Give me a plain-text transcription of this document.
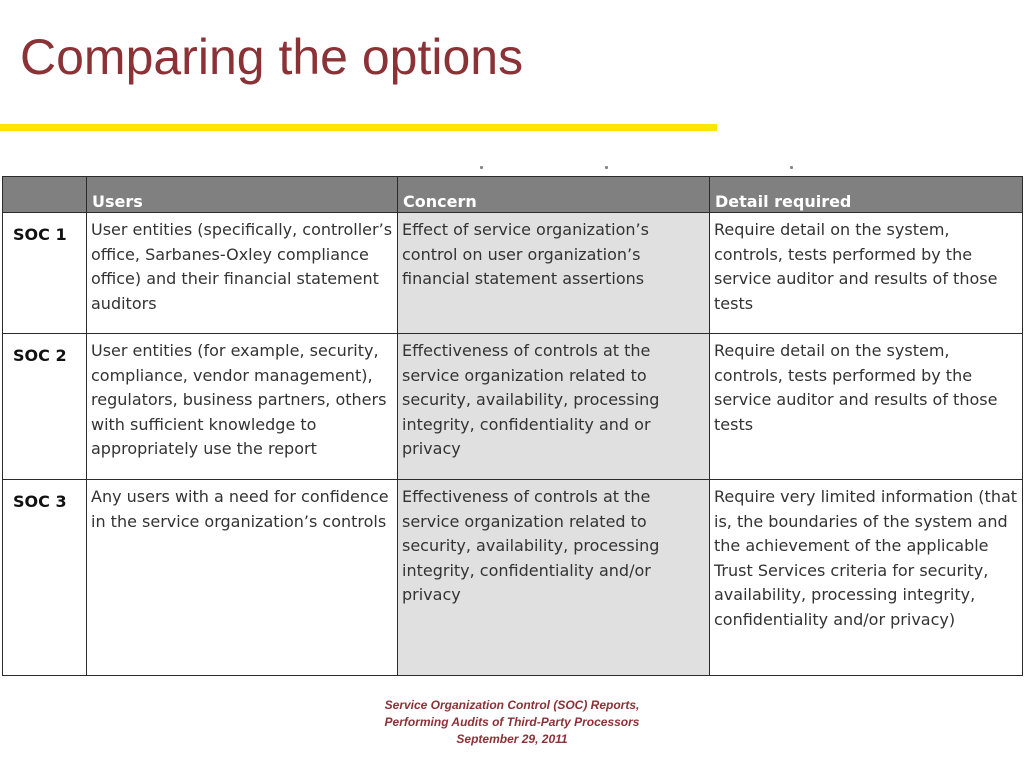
Comparing the options
	Users	Concern	Detail required
SOC 1	User entities (specifically, controller’s office, Sarbanes-Oxley compliance office) and their financial statement auditors	Effect of service organization’s control on user organization’s financial statement assertions	Require detail on the system, controls, tests performed by the service auditor and results of those tests
SOC 2	User entities (for example, security, compliance, vendor management), regulators, business partners, others with sufficient knowledge to appropriately use the report	Effectiveness of controls at the service organization related to security, availability, processing integrity, confidentiality and or privacy	Require detail on the system, controls, tests performed by the service auditor and results of those tests
SOC 3	Any users with a need for confidence in the service organization’s controls	Effectiveness of controls at the service organization related to security, availability, processing integrity, confidentiality and/or privacy	Require very limited information (that is, the boundaries of the system and the achievement of the applicable Trust Services criteria for security, availability, processing integrity, confidentiality and/or privacy)
Service Organization Control (SOC) Reports,
Performing Audits of Third-Party Processors
September 29, 2011
